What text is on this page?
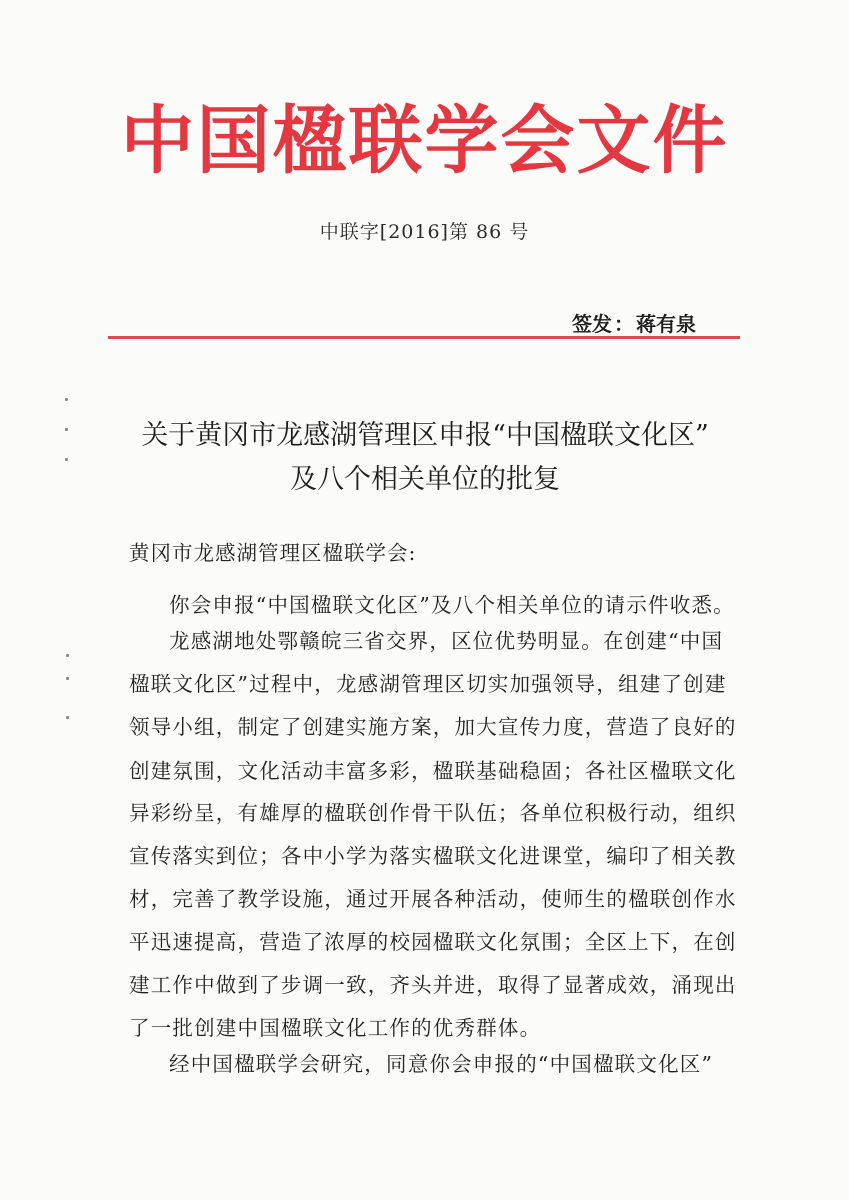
中国楹联学会文件
中联字[2016]第 86 号
签发 ： 蒋有泉
关于黄冈市龙感湖管理区申报“中国楹联文化区”
及八个相关单位的批复
黄冈市龙感湖管理区楹联学会:
你会申报“中国楹联文化区”及八个相关单位的请示件收悉。
龙感湖地处鄂赣皖三省交界，区位优势明显。在创建“中国
楹联文化区”过程中，龙感湖管理区切实加强领导，组建了创建
领导小组，制定了创建实施方案，加大宣传力度，营造了良好的
创建氛围，文化活动丰富多彩，楹联基础稳固；各社区楹联文化
异彩纷呈，有雄厚的楹联创作骨干队伍；各单位积极行动，组织
宣传落实到位；各中小学为落实楹联文化进课堂，编印了相关教
材，完善了教学设施，通过开展各种活动，使师生的楹联创作水
平迅速提高，营造了浓厚的校园楹联文化氛围；全区上下，在创
建工作中做到了步调一致，齐头并进，取得了显著成效，涌现出
了一批创建中国楹联文化工作的优秀群体。
经中国楹联学会研究，同意你会申报的“中国楹联文化区”
